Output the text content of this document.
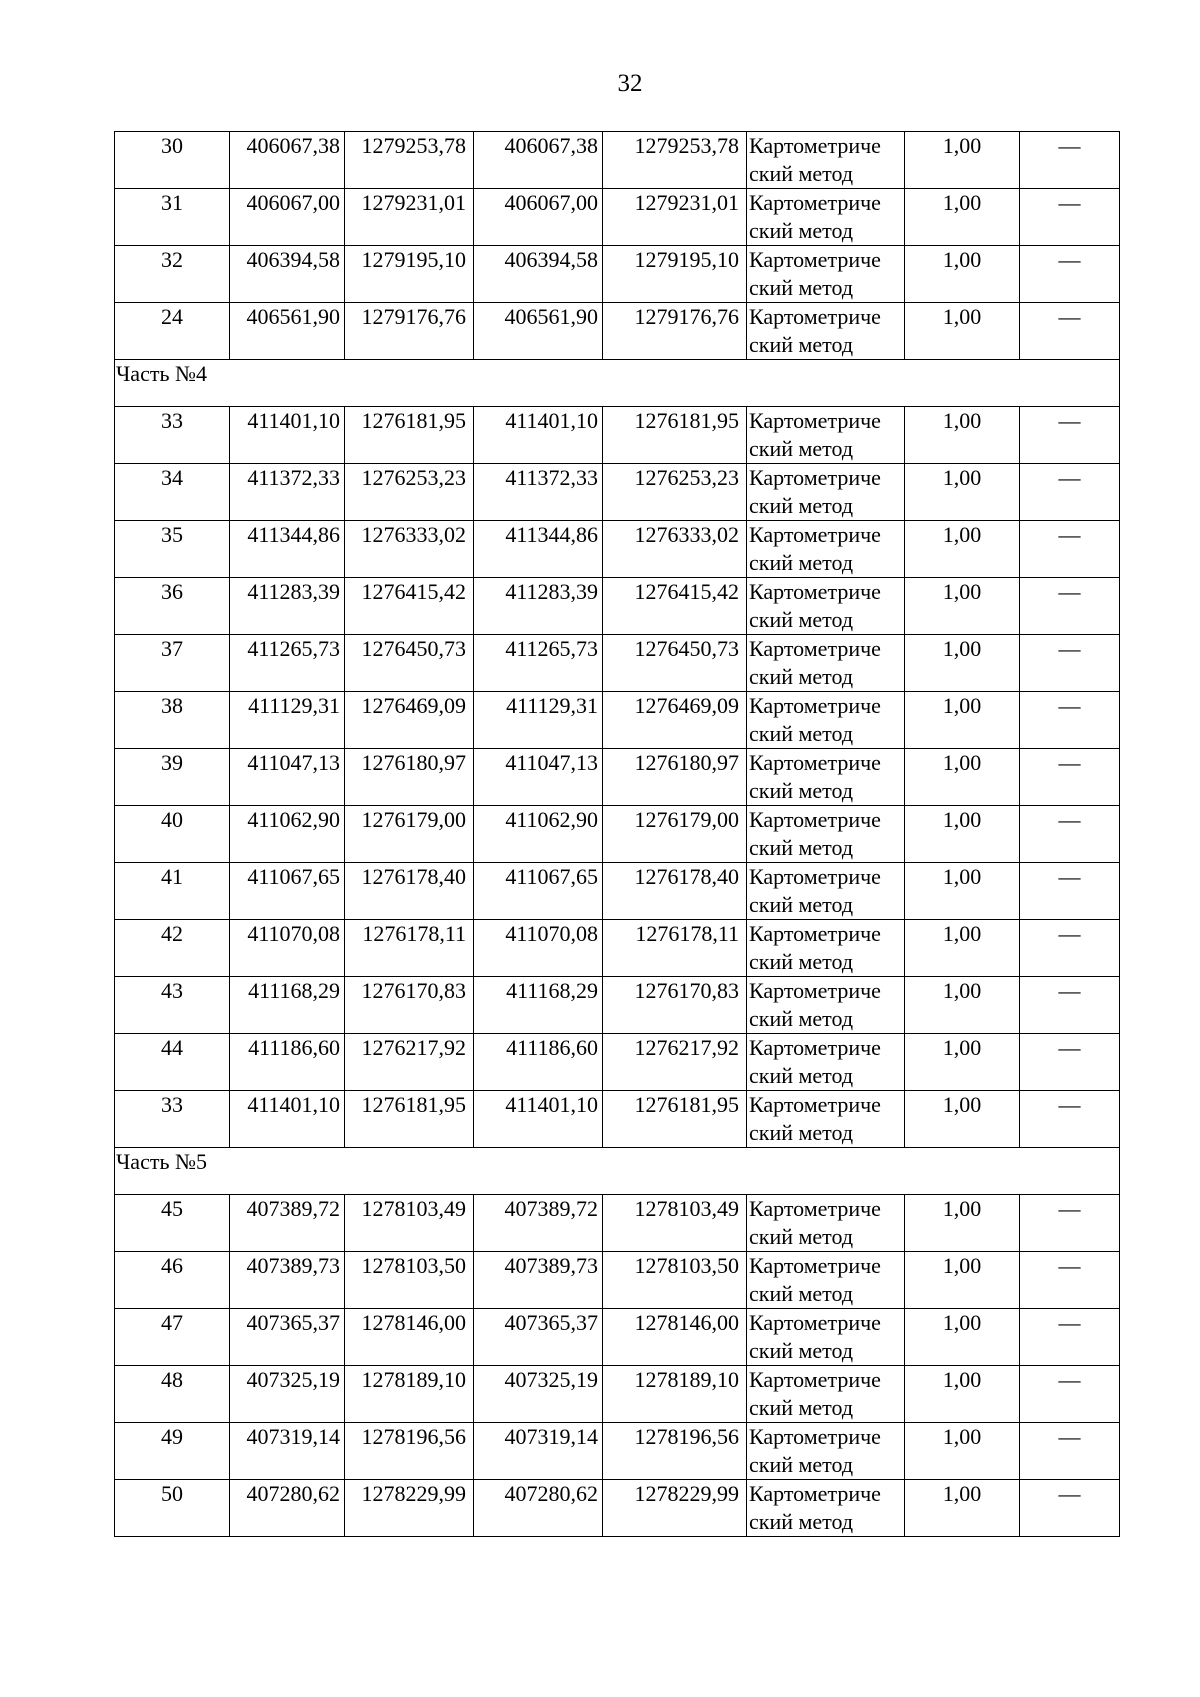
32
30	406067,38	1279253,78	406067,38	1279253,78	Картометриче
ский метод	1,00	—
31	406067,00	1279231,01	406067,00	1279231,01	Картометриче
ский метод	1,00	—
32	406394,58	1279195,10	406394,58	1279195,10	Картометриче
ский метод	1,00	—
24	406561,90	1279176,76	406561,90	1279176,76	Картометриче
ский метод	1,00	—
Часть №4							
33	411401,10	1276181,95	411401,10	1276181,95	Картометриче
ский метод	1,00	—
34	411372,33	1276253,23	411372,33	1276253,23	Картометриче
ский метод	1,00	—
35	411344,86	1276333,02	411344,86	1276333,02	Картометриче
ский метод	1,00	—
36	411283,39	1276415,42	411283,39	1276415,42	Картометриче
ский метод	1,00	—
37	411265,73	1276450,73	411265,73	1276450,73	Картометриче
ский метод	1,00	—
38	411129,31	1276469,09	411129,31	1276469,09	Картометриче
ский метод	1,00	—
39	411047,13	1276180,97	411047,13	1276180,97	Картометриче
ский метод	1,00	—
40	411062,90	1276179,00	411062,90	1276179,00	Картометриче
ский метод	1,00	—
41	411067,65	1276178,40	411067,65	1276178,40	Картометриче
ский метод	1,00	—
42	411070,08	1276178,11	411070,08	1276178,11	Картометриче
ский метод	1,00	—
43	411168,29	1276170,83	411168,29	1276170,83	Картометриче
ский метод	1,00	—
44	411186,60	1276217,92	411186,60	1276217,92	Картометриче
ский метод	1,00	—
33	411401,10	1276181,95	411401,10	1276181,95	Картометриче
ский метод	1,00	—
Часть №5							
45	407389,72	1278103,49	407389,72	1278103,49	Картометриче
ский метод	1,00	—
46	407389,73	1278103,50	407389,73	1278103,50	Картометриче
ский метод	1,00	—
47	407365,37	1278146,00	407365,37	1278146,00	Картометриче
ский метод	1,00	—
48	407325,19	1278189,10	407325,19	1278189,10	Картометриче
ский метод	1,00	—
49	407319,14	1278196,56	407319,14	1278196,56	Картометриче
ский метод	1,00	—
50	407280,62	1278229,99	407280,62	1278229,99	Картометриче
ский метод	1,00	—
